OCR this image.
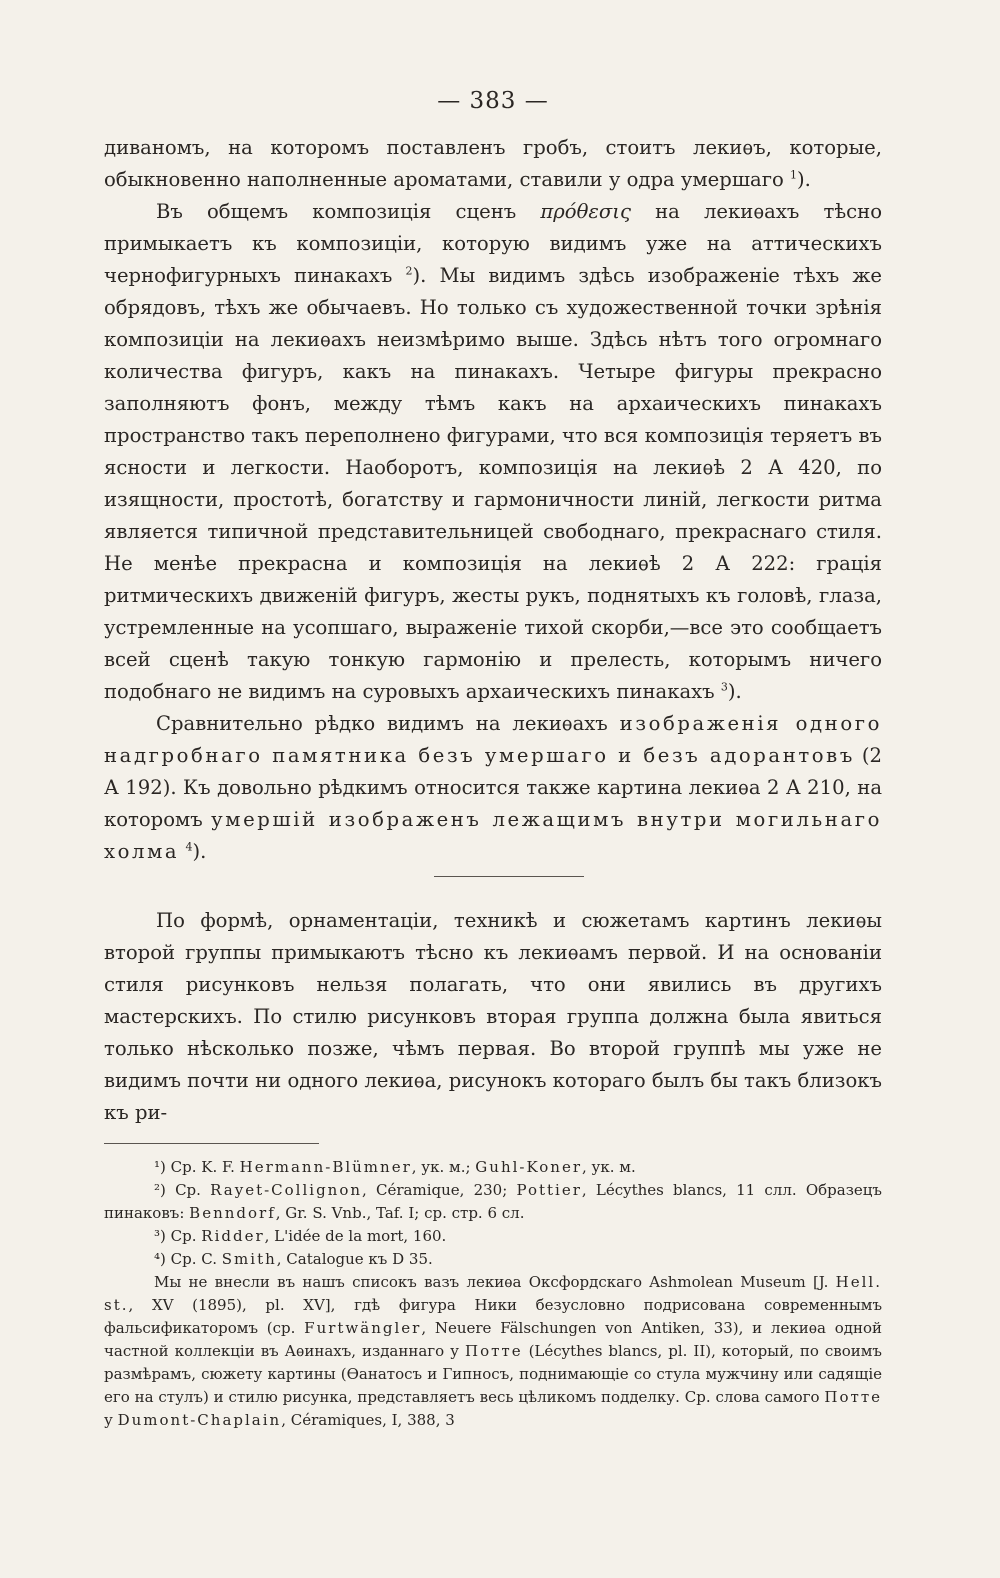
— 383 —

диваномъ, на которомъ поставленъ гробъ, стоитъ лекиѳъ, которые, обыкновенно наполненные ароматами, ставили у одра умершаго $^1$).

Въ общемъ композиція сценъ πρόθεσις на лекиѳахъ тѣсно примыкаетъ къ композиціи, которую видимъ уже на аттическихъ чернофигурныхъ пинакахъ $^2$). Мы видимъ здѣсь изображеніе тѣхъ же обрядовъ, тѣхъ же обычаевъ. Но только съ художественной точки зрѣнія композиціи на лекиѳахъ неизмѣримо выше. Здѣсь нѣтъ того огромнаго количества фигуръ, какъ на пинакахъ. Четыре фигуры прекрасно заполняютъ фонъ, между тѣмъ какъ на архаическихъ пинакахъ пространство такъ переполнено фигурами, что вся композиція теряетъ въ ясности и легкости. Наоборотъ, композиція на лекиѳѣ 2 А 420, по изящности, простотѣ, богатству и гармоничности линій, легкости ритма является типичной представительницей свободнаго, прекраснаго стиля. Не менѣе прекрасна и композиція на лекиѳѣ 2 А 222: грація ритмическихъ движеній фигуръ, жесты рукъ, поднятыхъ къ головѣ, глаза, устремленные на усопшаго, выраженіе тихой скорби,—все это сообщаетъ всей сценѣ такую тонкую гармонію и прелесть, которымъ ничего подобнаго не видимъ на суровыхъ архаическихъ пинакахъ $^3$).

Сравнительно рѣдко видимъ на лекиѳахъ изображенія одного надгробнаго памятника безъ умершаго и безъ адорантовъ (2 А 192). Къ довольно рѣдкимъ относится также картина лекиѳа 2 А 210, на которомъ умершій изображенъ лежащимъ внутри могильнаго холма $^4$).

По формѣ, орнаментаціи, техникѣ и сюжетамъ картинъ лекиѳы второй группы примыкаютъ тѣсно къ лекиѳамъ первой. И на основаніи стиля рисунковъ нельзя полагать, что они явились въ другихъ мастерскихъ. По стилю рисунковъ вторая группа должна была явиться только нѣсколько позже, чѣмъ первая. Во второй группѣ мы уже не видимъ почти ни одного лекиѳа, рисунокъ котораго былъ бы такъ близокъ къ ри-

¹) Ср. K. F. Hermann-Blümner, ук. м.; Guhl-Koner, ук. м.

²) Ср. Rayet-Collignon, Céramique, 230; Pottier, Lécythes blancs, 11 слл. Образецъ пинаковъ: Benndorf, Gr. S. Vnb., Taf. I; ср. стр. 6 сл.

³) Ср. Ridder, L'idée de la mort, 160.

⁴) Ср. C. Smith, Catalogue къ D 35.

Мы не внесли въ нашъ списокъ вазъ лекиѳа Оксфордскаго Ashmolean Museum [J. Hell. st., XV (1895), pl. XV], гдѣ фигура Ники безусловно подрисована современнымъ фальсификаторомъ (ср. Furtwängler, Neuere Fälschungen von Antiken, 33), и лекиѳа одной частной коллекціи въ Аѳинахъ, изданнаго у Потте (Lécythes blancs, pl. II), который, по своимъ размѣрамъ, сюжету картины (Ѳанатосъ и Гипносъ, поднимающіе со стула мужчину или садящіе его на стулъ) и стилю рисунка, представляетъ весь цѣликомъ подделку. Ср. слова самого Потте у Dumont-Chaplain, Céramiques, I, 388, 3
